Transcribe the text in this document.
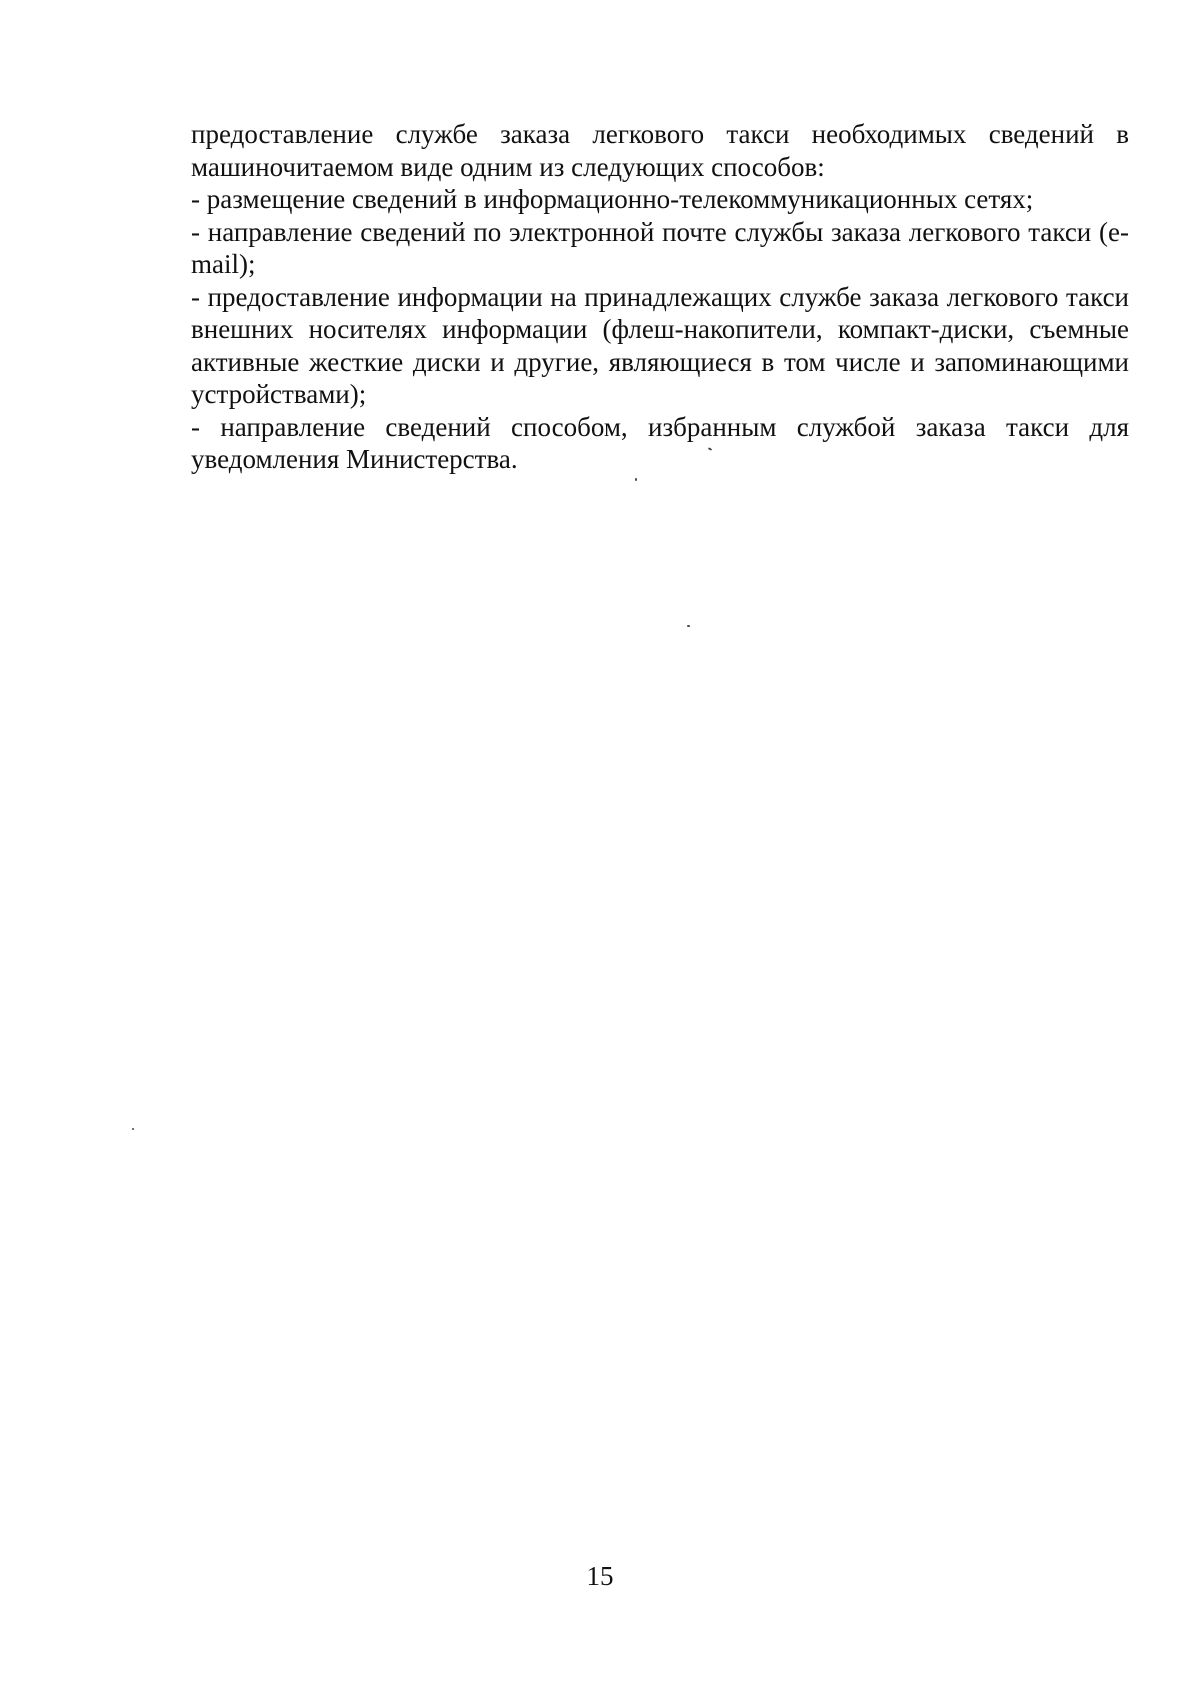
предоставление службе заказа легкового такси необходимых сведений в машиночитаемом виде одним из следующих способов:

- размещение сведений в информационно-телекоммуникационных сетях;

- направление сведений по электронной почте службы заказа легкового такси (e-mail);

- предоставление информации на принадлежащих службе заказа легкового такси внешних носителях информации (флеш-накопители, компакт-диски, съемные активные жесткие диски и другие, являющиеся в том числе и запоминающими устройствами);

- направление сведений способом, избранным службой заказа такси для уведомления Министерства.

15
